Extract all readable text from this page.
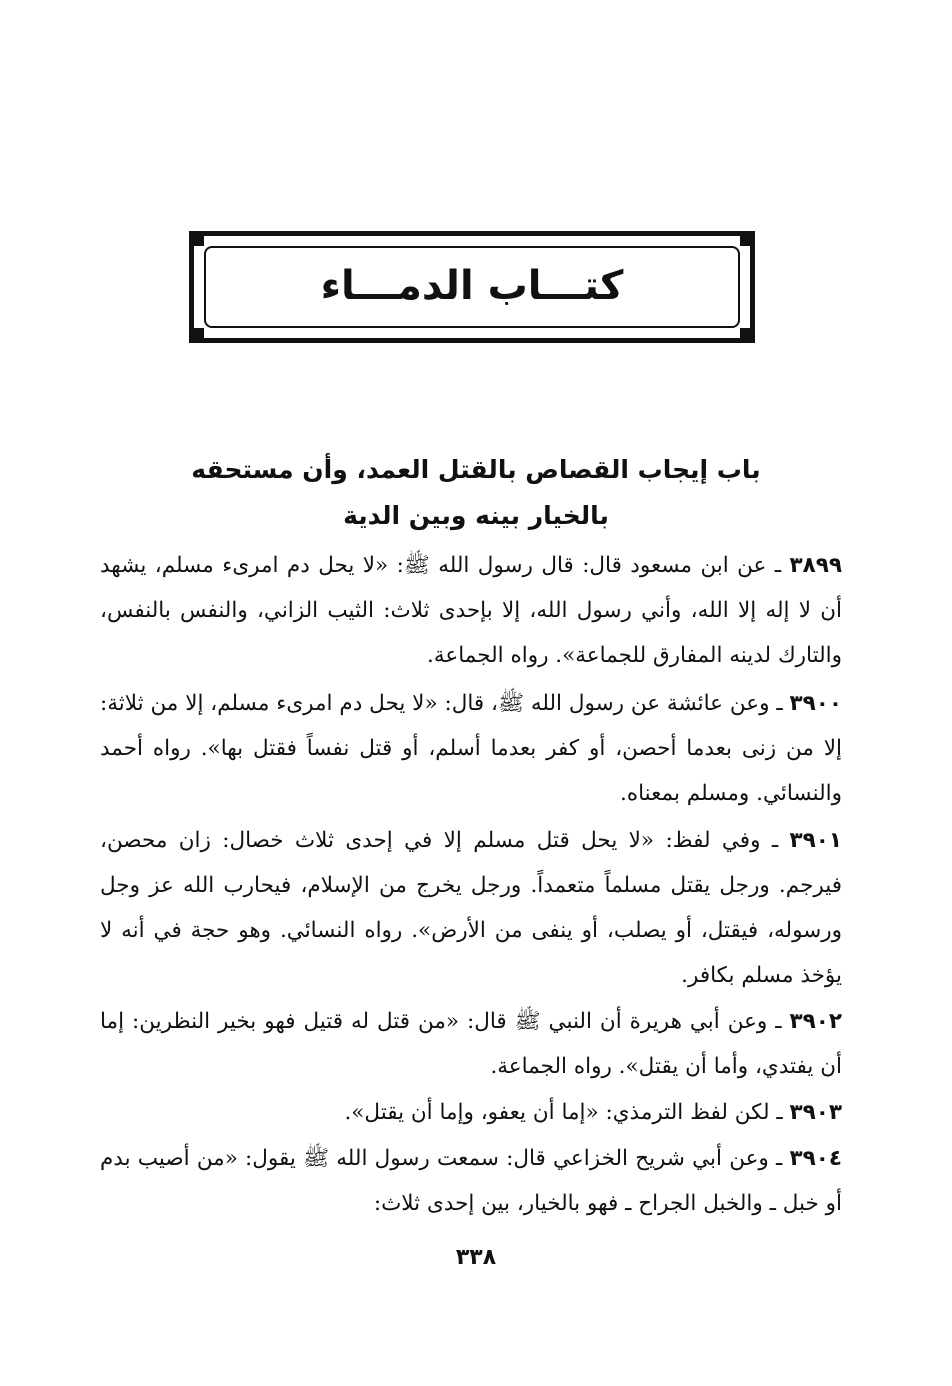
كتـــاب الدمـــاء
باب إيجاب القصاص بالقتل العمد، وأن مستحقه
بالخيار بينه وبين الدية

٣٨٩٩ ـ عن ابن مسعود قال: قال رسول الله ﷺ: «لا يحل دم امرىء مسلم، يشهد أن لا إله إلا الله، وأني رسول الله، إلا بإحدى ثلاث: الثيب الزاني، والنفس بالنفس، والتارك لدينه المفارق للجماعة». رواه الجماعة.

٣٩٠٠ ـ وعن عائشة عن رسول الله ﷺ، قال: «لا يحل دم امرىء مسلم، إلا من ثلاثة: إلا من زنى بعدما أحصن، أو كفر بعدما أسلم، أو قتل نفساً فقتل بها». رواه أحمد والنسائي. ومسلم بمعناه.

٣٩٠١ ـ وفي لفظ: «لا يحل قتل مسلم إلا في إحدى ثلاث خصال: زان محصن، فيرجم. ورجل يقتل مسلماً متعمداً. ورجل يخرج من الإسلام، فيحارب الله عز وجل ورسوله، فيقتل، أو يصلب، أو ينفى من الأرض». رواه النسائي. وهو حجة في أنه لا يؤخذ مسلم بكافر.

٣٩٠٢ ـ وعن أبي هريرة أن النبي ﷺ قال: «من قتل له قتيل فهو بخير النظرين: إما أن يفتدي، وأما أن يقتل». رواه الجماعة.

٣٩٠٣ ـ لكن لفظ الترمذي: «إما أن يعفو، وإما أن يقتل».

٣٩٠٤ ـ وعن أبي شريح الخزاعي قال: سمعت رسول الله ﷺ يقول: «من أصيب بدم أو خبل ـ والخبل الجراح ـ فهو بالخيار، بين إحدى ثلاث:

٣٣٨
